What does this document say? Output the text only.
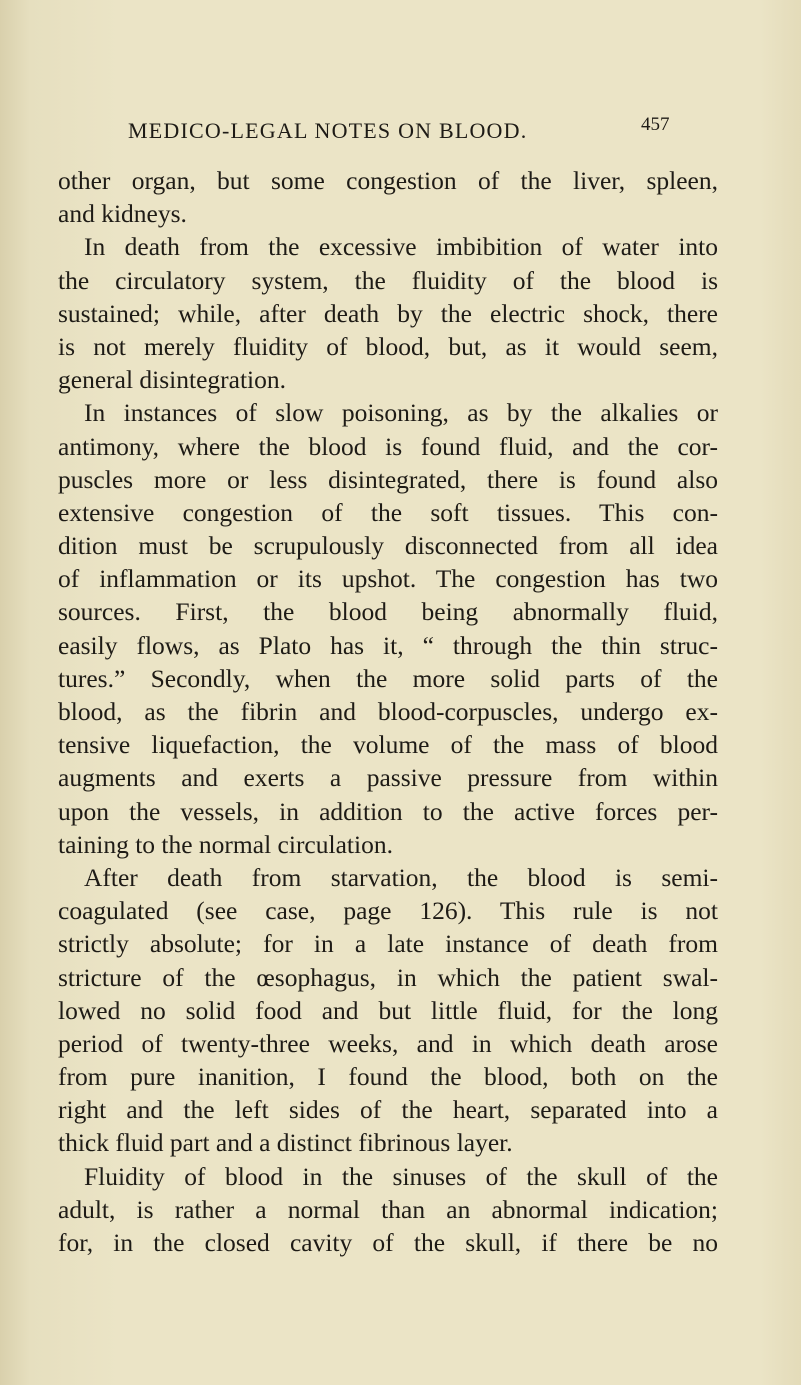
MEDICO-LEGAL NOTES ON BLOOD.	457
other organ, but some congestion of the liver, spleen,
and kidneys.
In death from the excessive imbibition of water into
the circulatory system, the fluidity of the blood is
sustained; while, after death by the electric shock, there
is not merely fluidity of blood, but, as it would seem,
general disintegration.
In instances of slow poisoning, as by the alkalies or
antimony, where the blood is found fluid, and the cor-
puscles more or less disintegrated, there is found also
extensive congestion of the soft tissues. This con-
dition must be scrupulously disconnected from all idea
of inflammation or its upshot. The congestion has two
sources. First, the blood being abnormally fluid,
easily flows, as Plato has it, “ through the thin struc-
tures.” Secondly, when the more solid parts of the
blood, as the fibrin and blood-corpuscles, undergo ex-
tensive liquefaction, the volume of the mass of blood
augments and exerts a passive pressure from within
upon the vessels, in addition to the active forces per-
taining to the normal circulation.
After death from starvation, the blood is semi-
coagulated (see case, page 126). This rule is not
strictly absolute; for in a late instance of death from
stricture of the œsophagus, in which the patient swal-
lowed no solid food and but little fluid, for the long
period of twenty-three weeks, and in which death arose
from pure inanition, I found the blood, both on the
right and the left sides of the heart, separated into a
thick fluid part and a distinct fibrinous layer.
Fluidity of blood in the sinuses of the skull of the
adult, is rather a normal than an abnormal indication;
for, in the closed cavity of the skull, if there be no
